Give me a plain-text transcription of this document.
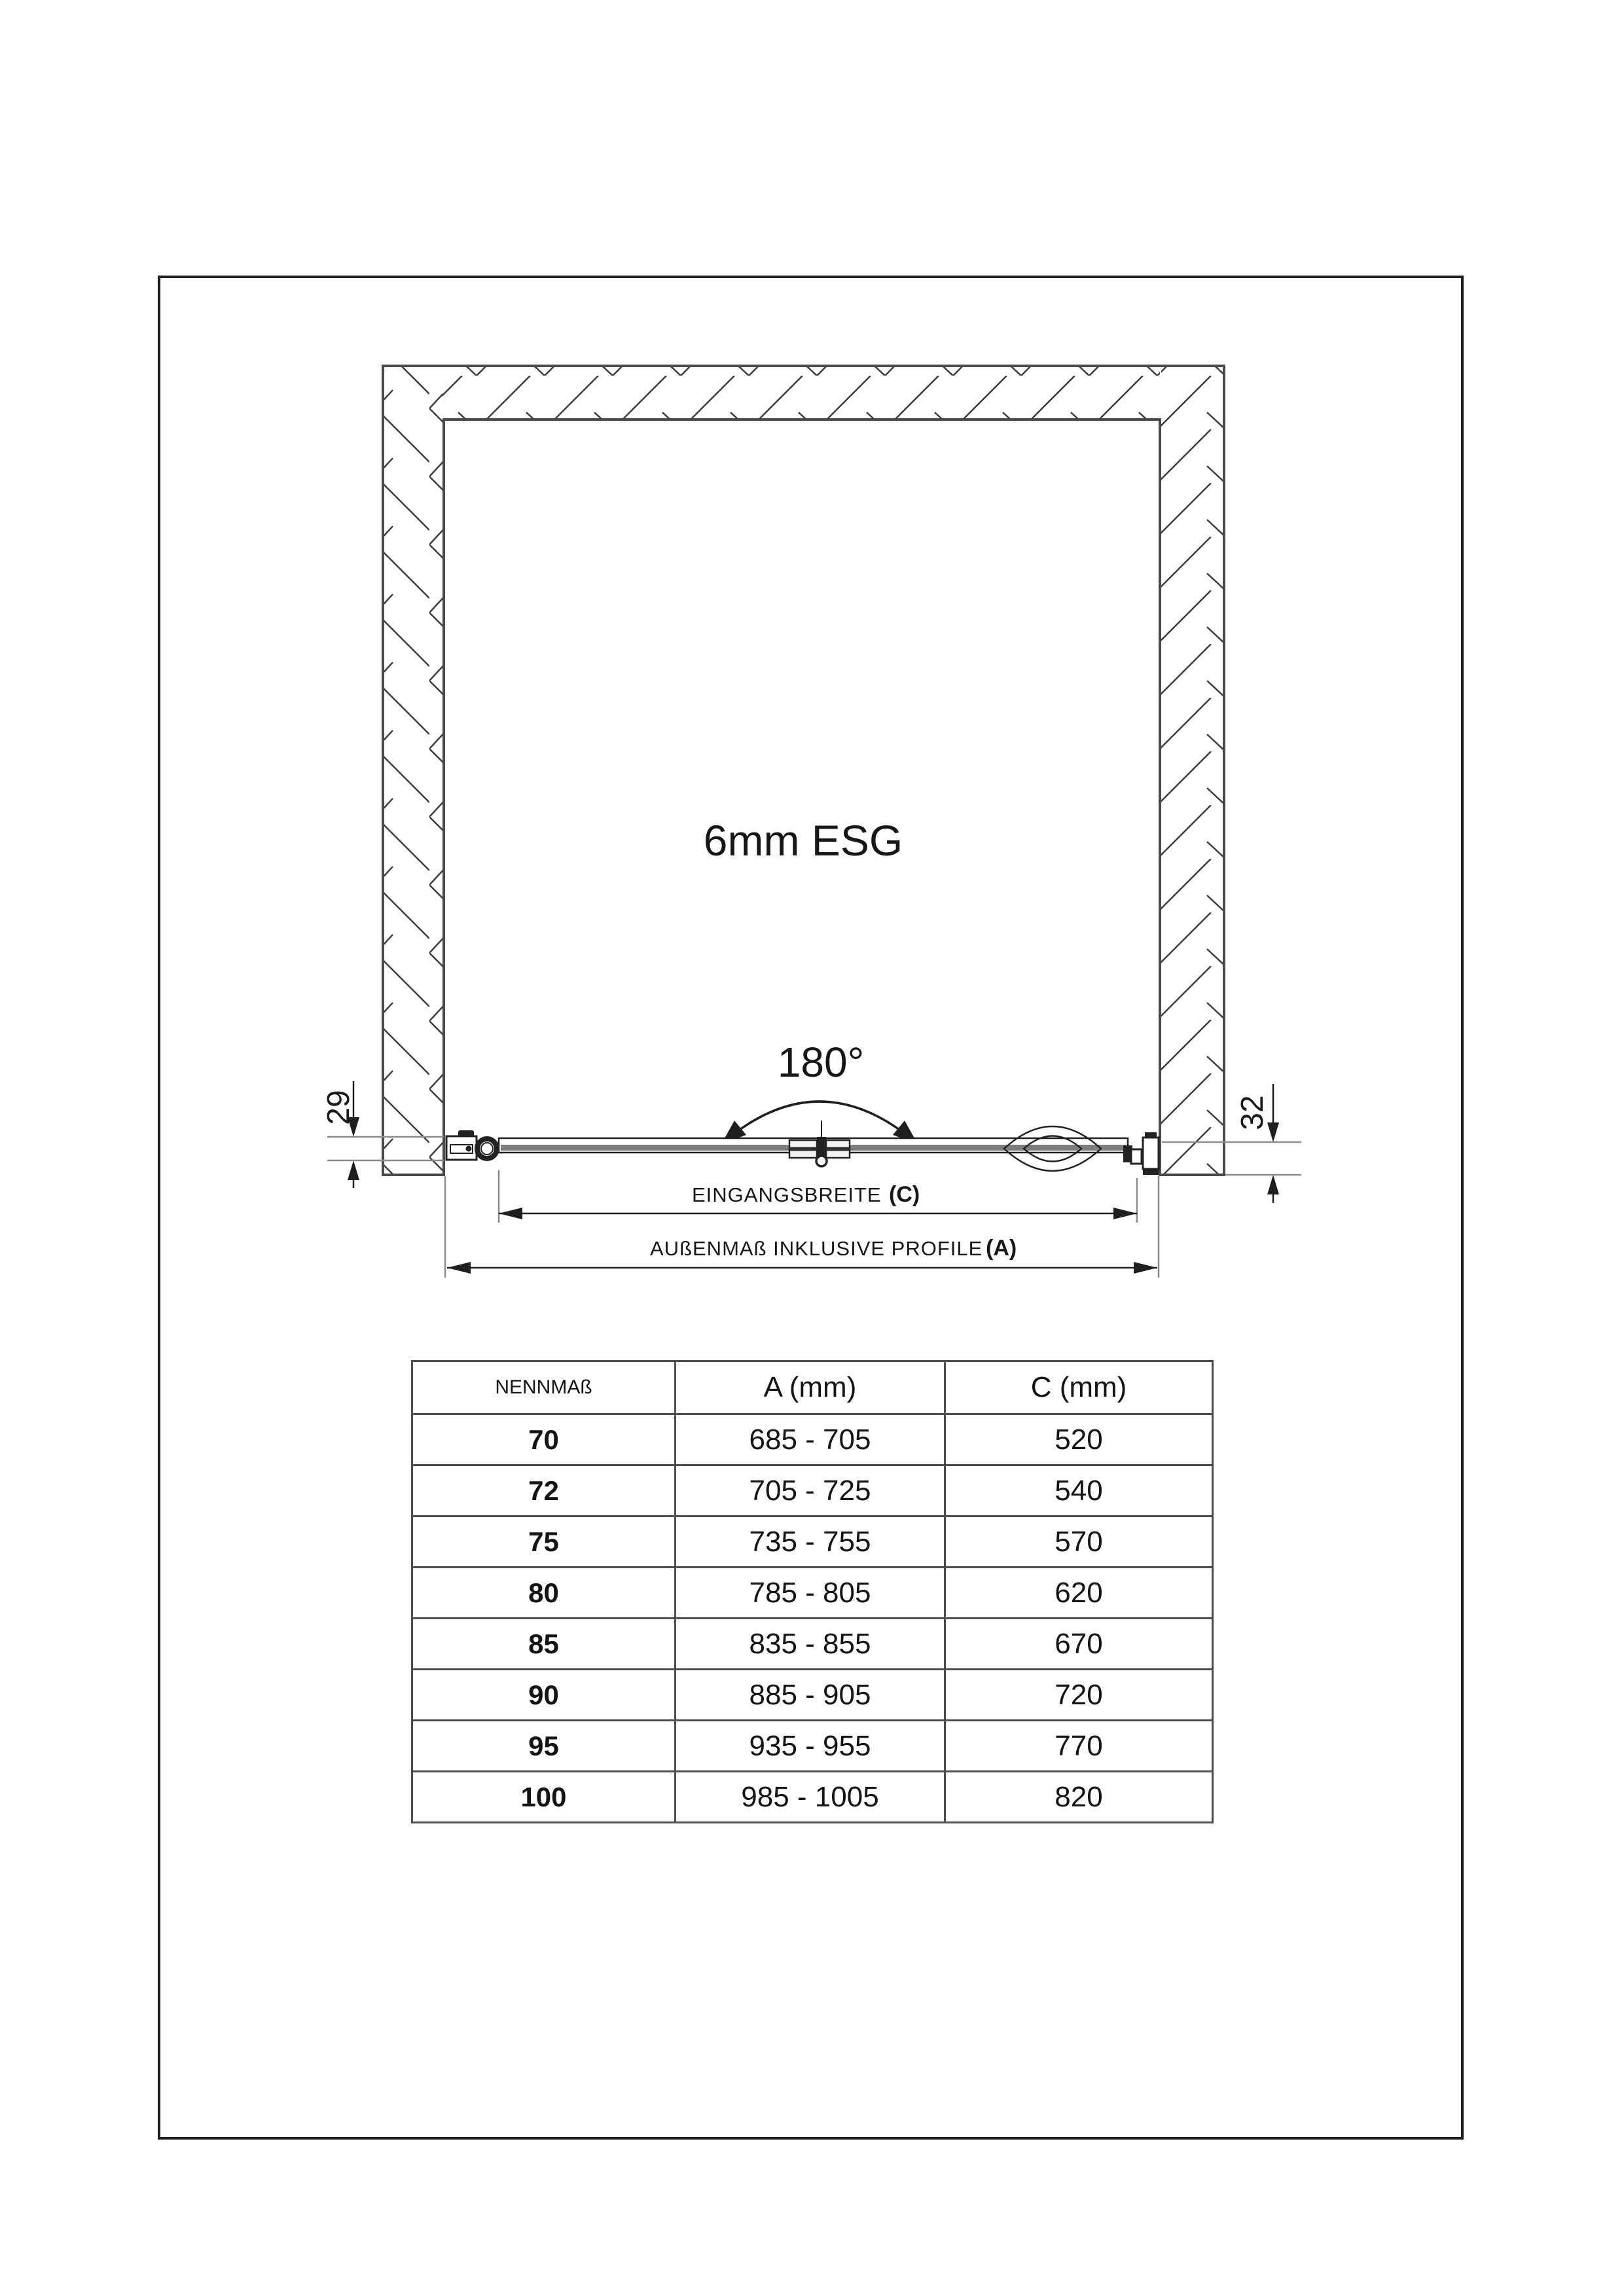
6mm ESG
180°
29	32
EINGANGSBREITE (C)
AUßENMAß INKLUSIVE PROFILE (A)
NENNMAß	A (mm)	C (mm)
70	685 - 705	520
72	705 - 725	540
75	735 - 755	570
80	785 - 805	620
85	835 - 855	670
90	885 - 905	720
95	935 - 955	770
100	985 - 1005	820
